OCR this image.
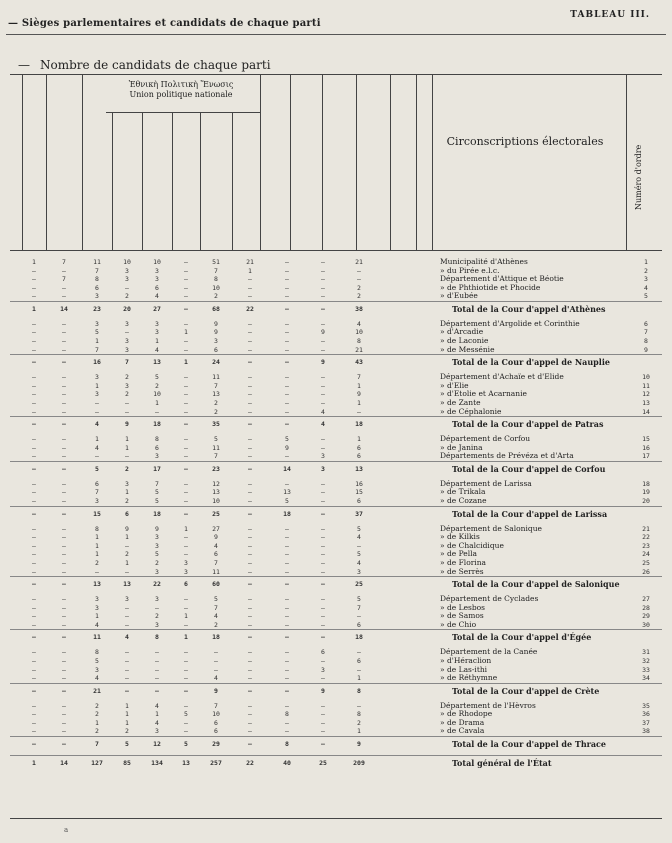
— Sièges parlementaires et candidats de chaque parti
TABLEAU III.
— Nombre de candidats de chaque parti
Ἐθνικὴ Πολιτικὴ Ἕνωσις
Union politique nationale
Circonscriptions électorales
Numéro d'ordre
1	7	11	10	10	—	51	21	—	—	21	Municipalité d'Athènes	1
—	—	7	3	3	—	7	1	—	—	—	» du Pirée e.l.c.	2
—	7	8	3	3	—	8	—	—	—	—	Département d'Attique et Béotie	3
—	—	6	—	6	—	10	—	—	—	2	» de Phthiotide et Phocide	4
—	—	3	2	4	—	2	—	—	—	2	» d'Eubée	5
1	14	23	20	27	—	68	22	—	—	38	Total de la Cour d'appel d'Athènes
—	—	3	3	3	—	9	—	—	—	4	Département d'Argolide et Corinthie	6
—	—	5	—	3	1	9	—	—	9	10	» d'Arcadie	7
—	—	1	3	1	—	3	—	—	—	8	» de Laconie	8
—	—	7	3	4	—	6	—	—	—	21	» de Messénie	9
—	—	16	7	13	1	24	—	—	9	43	Total de la Cour d'appel de Nauplie
—	—	3	2	5	—	11	—	—	—	7	Département d'Achaïe et d'Elide	10
—	—	1	3	2	—	7	—	—	—	1	» d'Elie	11
—	—	3	2	10	—	13	—	—	—	9	» d'Etolie et Acarnanie	12
—	—	—	—	1	—	2	—	—	—	1	» de Zante	13
—	—	—	—	—	—	2	—	—	4	—	» de Céphalonie	14
—	—	4	9	18	—	35	—	—	4	18	Total de la Cour d'appel de Patras
—	—	1	1	8	—	5	—	5	—	1	Département de Corfou	15
—	—	4	1	6	—	11	—	9	—	6	» de Janina	16
—	—	—	—	3	—	7	—	—	3	6	Départements de Prévéza et d'Arta	17
—	—	5	2	17	—	23	—	14	3	13	Total de la Cour d'appel de Corfou
—	—	6	3	7	—	12	—	—	—	16	Département de Larissa	18
—	—	7	1	5	—	13	—	13	—	15	» de Trikala	19
—	—	3	2	5	—	10	—	5	—	6	» de Cozane	20
—	—	15	6	18	—	25	—	18	—	37	Total de la Cour d'appel de Larissa
—	—	8	9	9	1	27	—	—	—	5	Département de Salonique	21
—	—	1	1	3	—	9	—	—	—	4	» de Kilkis	22
—	—	1	—	3	—	4	—	—	—	—	» de Chalcidique	23
—	—	1	2	5	—	6	—	—	—	5	» de Pella	24
—	—	2	1	2	3	7	—	—	—	4	» de Florina	25
—	—	—	—	3	3	11	—	—	—	3	» de Serrès	26
—	—	13	13	22	6	60	—	—	—	25	Total de la Cour d'appel de Salonique
—	—	3	3	3	—	5	—	—	—	5	Département de Cyclades	27
—	—	3	—	—	—	7	—	—	—	7	» de Lesbos	28
—	—	1	—	2	1	4	—	—	—	—	» de Samos	29
—	—	4	—	3	—	2	—	—	—	6	» de Chio	30
—	—	11	4	8	1	18	—	—	—	18	Total de la Cour d'appel d'Égée
—	—	8	—	—	—	—	—	—	6	—	Département de la Canée	31
—	—	5	—	—	—	—	—	—	—	6	» d'Héraclion	32
—	—	3	—	—	—	—	—	—	3	—	» de Las-ithi	33
—	—	4	—	—	—	4	—	—	—	1	» de Réthymne	34
—	—	21	—	—	—	9	—	—	9	8	Total de la Cour d'appel de Crète
—	—	2	1	4	—	7	—	—	—	—	Département de l'Hèvros	35
—	—	2	1	1	5	10	—	8	—	8	» de Rhodope	36
—	—	1	1	4	—	6	—	—	—	2	» de Drama	37
—	—	2	2	3	—	6	—	—	—	1	» de Cavala	38
—	—	7	5	12	5	29	—	8	—	9	Total de la Cour d'appel de Thrace
1	14	127	85	134	13	257	22	40	25	209	Total général de l'État
a
